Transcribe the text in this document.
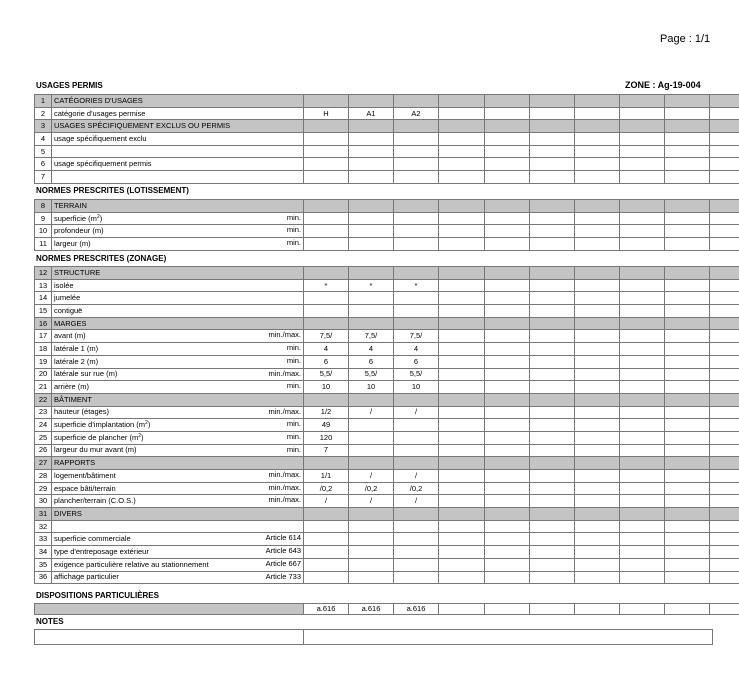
Page : 1/1
USAGES PERMIS	ZONE : Ag-19-004
1	CATÉGORIES D'USAGES										
2	catégorie d'usages permise	H	A1	A2							
3	USAGES SPÉCIFIQUEMENT EXCLUS OU PERMIS										
4	usage spécifiquement exclu										
5											
6	usage spécifiquement permis										
7											
NORMES PRESCRITES (LOTISSEMENT)
8	TERRAIN										
9	superficie $(m^2)$ min.										

10	profondeur (m) min.										

11	largeur (m) min.										

NORMES PRESCRITES (ZONAGE)
12	STRUCTURE										
13	isolée	*	*	*							
14	jumelée										
15	contiguë										
16	MARGES										
17	avant (m) min./max.	7,5/	7,5/	7,5/							
18	latérale 1 (m) min.	4	4	4							
19	latérale 2 (m) min.	6	6	6							
20	latérale sur rue (m) min./max.	5,5/	5,5/	5,5/							
21	arrière (m) min.	10	10	10							
22	BÂTIMENT										
23	hauteur (étages) min./max.	1/2	/	/							
24	superficie d'implantation $(m^2)$ min.	49									
25	superficie de plancher $(m^2)$ min.	120									
26	largeur du mur avant (m) min.	7									
27	RAPPORTS										
28	logement/bâtiment min./max.	1/1	/	/							
29	espace bâti/terrain min./max.	/0,2	/0,2	/0,2							
30	plancher/terrain (C.O.S.) min./max.	/	/	/							
31	DIVERS										
32											
33	superficie commerciale Article 614										

34	type d'entreposage extérieur Article 643										

35	exigence particulière relative au stationnement Article 667										

36	affichage particulier Article 733										

DISPOSITIONS PARTICULIÈRES
	a.616	a.616	a.616							
NOTES
